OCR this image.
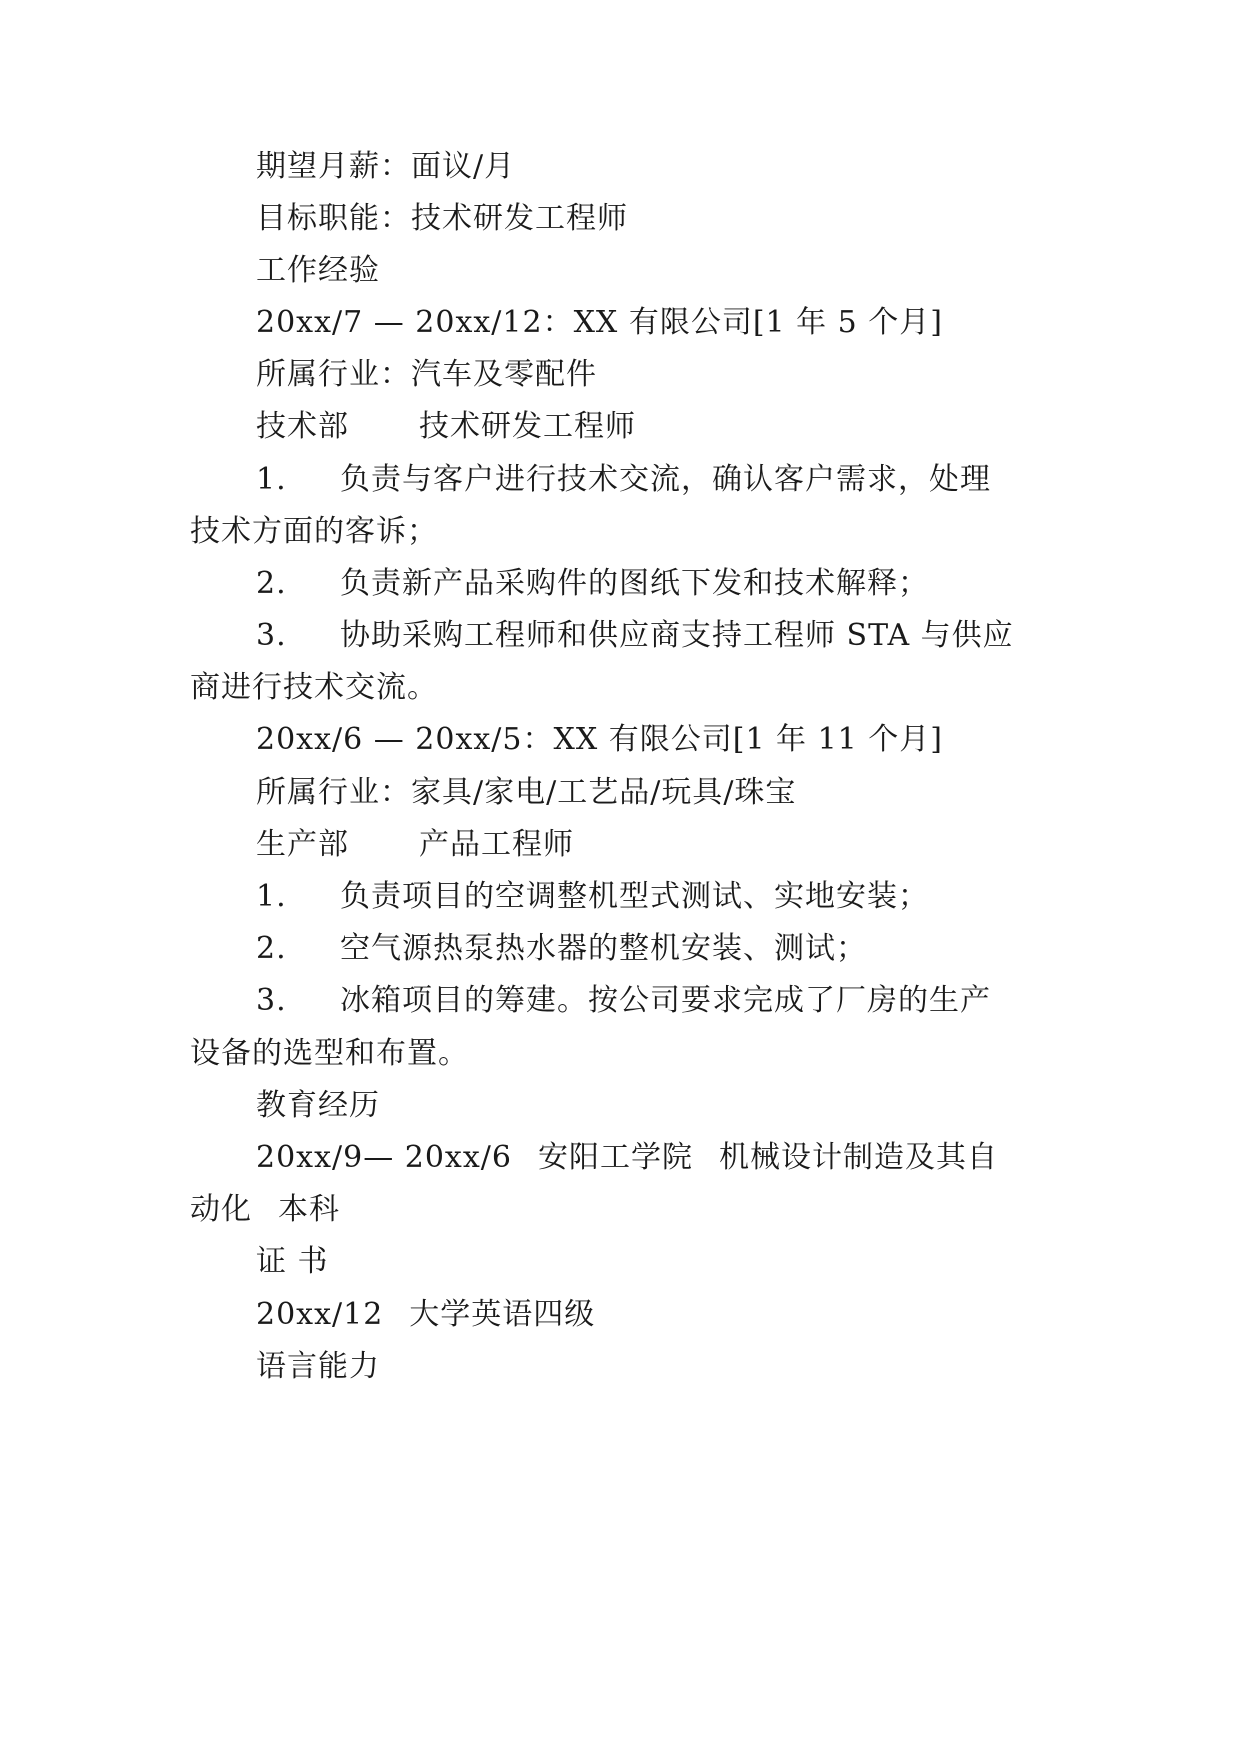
期望月薪：面议/月
目标职能：技术研发工程师
工作经验
20xx/7 — 20xx/12：XX 有限公司[1 年 5 个月]
所属行业：汽车及零配件
技术部 技术研发工程师
1. 负责与客户进行技术交流，确认客户需求，处理
技术方面的客诉；
2. 负责新产品采购件的图纸下发和技术解释；
3. 协助采购工程师和供应商支持工程师 STA 与供应
商进行技术交流。
20xx/6 — 20xx/5：XX 有限公司[1 年 11 个月]
所属行业：家具/家电/工艺品/玩具/珠宝
生产部 产品工程师
1. 负责项目的空调整机型式测试、实地安装；
2. 空气源热泵热水器的整机安装、测试；
3. 冰箱项目的筹建。按公司要求完成了厂房的生产
设备的选型和布置。
教育经历
20xx/9— 20xx/6 安阳工学院 机械设计制造及其自
动化 本科
证 书
20xx/12 大学英语四级
语言能力
